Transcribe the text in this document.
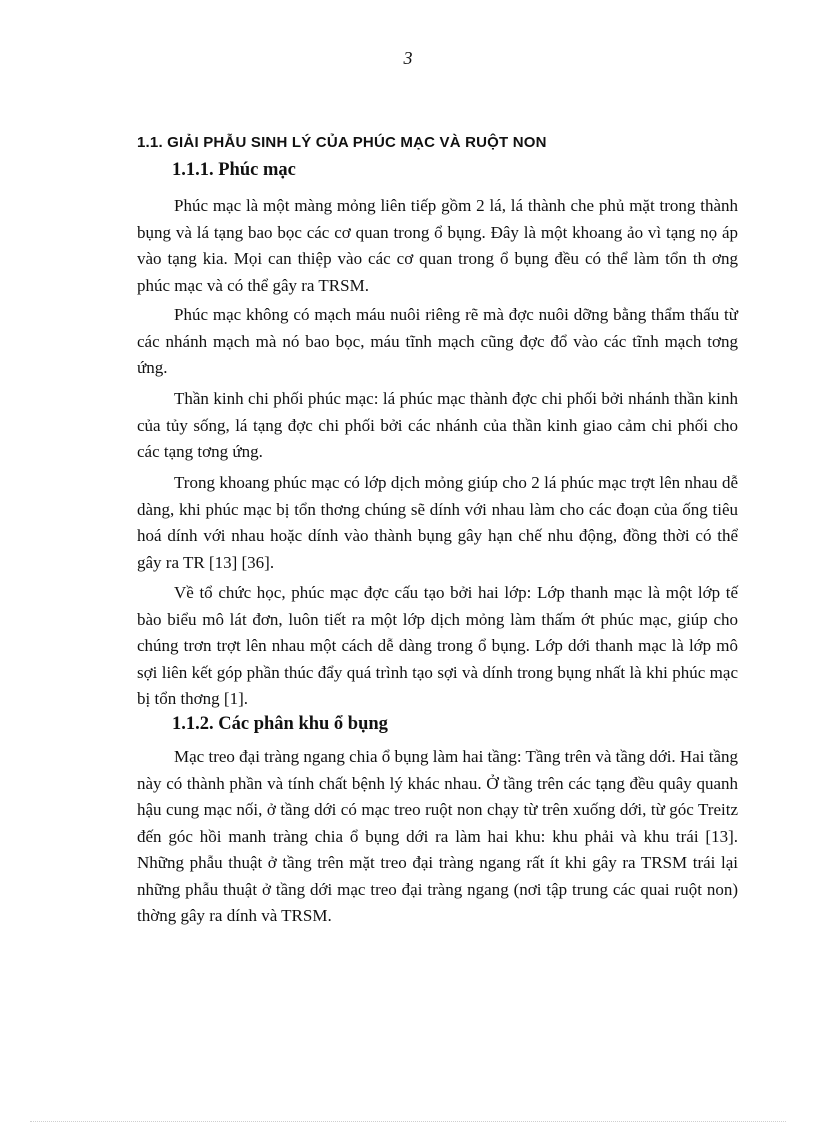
3
1.1. GIẢI PHẪU SINH LÝ CỦA PHÚC MẠC VÀ RUỘT NON
1.1.1. Phúc mạc

Phúc mạc là một màng mỏng liên tiếp gồm 2 lá, lá thành che phủ mặt trong thành bụng và lá tạng bao bọc các cơ quan trong ổ bụng. Đây là một khoang ảo vì tạng nọ áp vào tạng kia. Mọi can thiệp vào các cơ quan trong ổ bụng đều có thể làm tổn th ơng phúc mạc và có thể gây ra TRSM.

Phúc mạc không có mạch máu nuôi riêng rẽ mà đợc nuôi dỡng bằng thẩm thấu từ các nhánh mạch mà nó bao bọc, máu tĩnh mạch cũng đợc đổ vào các tĩnh mạch tơng ứng.

Thần kinh chi phối phúc mạc: lá phúc mạc thành đợc chi phối bởi nhánh thần kinh của tủy sống, lá tạng đợc chi phối bởi các nhánh của thần kinh giao cảm chi phối cho các tạng tơng ứng.

Trong khoang phúc mạc có lớp dịch mỏng giúp cho 2 lá phúc mạc trợt lên nhau dễ dàng, khi phúc mạc bị tổn thơng chúng sẽ dính với nhau làm cho các đoạn của ống tiêu hoá dính với nhau hoặc dính vào thành bụng gây hạn chế nhu động, đồng thời có thể gây ra TR [13] [36].

Về tổ chức học, phúc mạc đợc cấu tạo bởi hai lớp: Lớp thanh mạc là một lớp tế bào biểu mô lát đơn, luôn tiết ra một lớp dịch mỏng làm thấm ớt phúc mạc, giúp cho chúng trơn trợt lên nhau một cách dễ dàng trong ổ bụng. Lớp dới thanh mạc là lớp mô sợi liên kết góp phần thúc đẩy quá trình tạo sợi và dính trong bụng nhất là khi phúc mạc bị tổn thơng [1].

1.1.2. Các phân khu ổ bụng

Mạc treo đại tràng ngang chia ổ bụng làm hai tầng: Tầng trên và tầng dới. Hai tầng này có thành phần và tính chất bệnh lý khác nhau. Ở tầng trên các tạng đều quây quanh hậu cung mạc nối, ở tầng dới có mạc treo ruột non chạy từ trên xuống dới, từ góc Treitz đến góc hồi manh tràng chia ổ bụng dới ra làm hai khu: khu phải và khu trái [13]. Những phẫu thuật ở tầng trên mặt treo đại tràng ngang rất ít khi gây ra TRSM trái lại những phẫu thuật ở tầng dới mạc treo đại tràng ngang (nơi tập trung các quai ruột non) thờng gây ra dính và TRSM.
